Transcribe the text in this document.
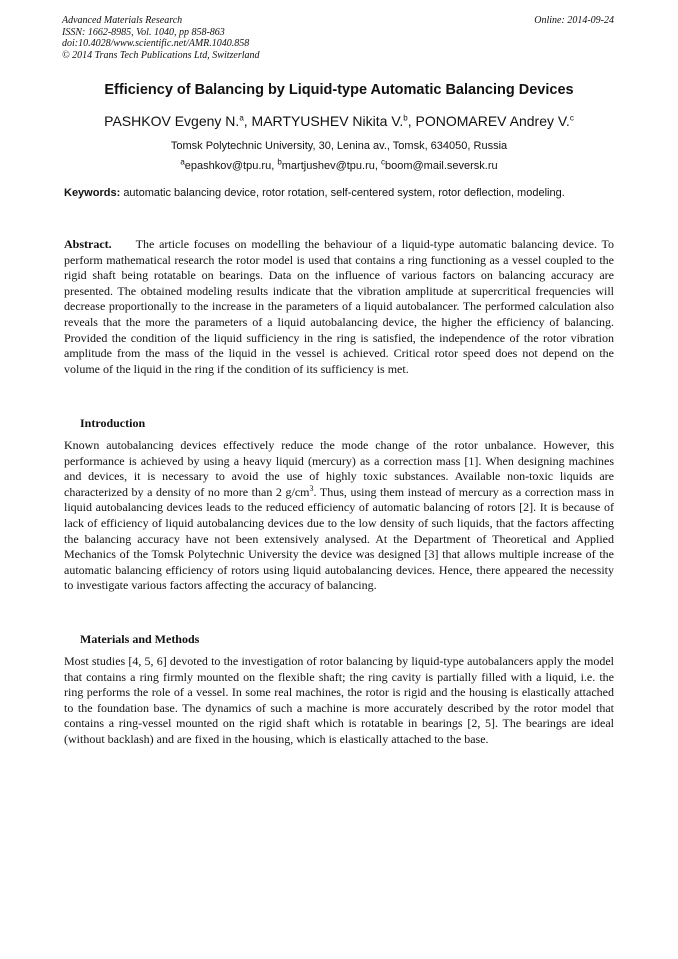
Advanced Materials Research
ISSN: 1662-8985, Vol. 1040, pp 858-863
doi:10.4028/www.scientific.net/AMR.1040.858
© 2014 Trans Tech Publications Ltd, Switzerland
Online: 2014-09-24
Efficiency of Balancing by Liquid-type Automatic Balancing Devices
PASHKOV Evgeny N.$^a$, MARTYUSHEV Nikita V.$^b$, PONOMAREV Andrey V.$^c$
Tomsk Polytechnic University, 30, Lenina av., Tomsk, 634050, Russia
$^a$epashkov@tpu.ru, $^b$martjushev@tpu.ru, $^c$boom@mail.seversk.ru
Keywords: automatic balancing device, rotor rotation, self-centered system, rotor deflection, modeling.

Abstract. The article focuses on modelling the behaviour of a liquid-type automatic balancing device. To perform mathematical research the rotor model is used that contains a ring functioning as a vessel coupled to the rigid shaft being rotatable on bearings. Data on the influence of various factors on balancing accuracy are presented. The obtained modeling results indicate that the vibration amplitude at supercritical frequencies will decrease proportionally to the increase in the parameters of a liquid autobalancer. The performed calculation also reveals that the more the parameters of a liquid autobalancing device, the higher the efficiency of balancing. Provided the condition of the liquid sufficiency in the ring is satisfied, the independence of the rotor vibration amplitude from the mass of the liquid in the vessel is achieved. Critical rotor speed does not depend on the volume of the liquid in the ring if the condition of its sufficiency is met.

Introduction

Known autobalancing devices effectively reduce the mode change of the rotor unbalance. However, this performance is achieved by using a heavy liquid (mercury) as a correction mass [1]. When designing machines and devices, it is necessary to avoid the use of highly toxic substances. Available non-toxic liquids are characterized by a density of no more than 2 $g/cm^3$. Thus, using them instead of mercury as a correction mass in liquid autobalancing devices leads to the reduced efficiency of automatic balancing of rotors [2]. It is because of lack of efficiency of liquid autobalancing devices due to the low density of such liquids, that the factors affecting the balancing accuracy have not been extensively analysed. At the Department of Theoretical and Applied Mechanics of the Tomsk Polytechnic University the device was designed [3] that allows multiple increase of the automatic balancing efficiency of rotors using liquid autobalancing devices. Hence, there appeared the necessity to investigate various factors affecting the accuracy of balancing.

Materials and Methods

Most studies [4, 5, 6] devoted to the investigation of rotor balancing by liquid-type autobalancers apply the model that contains a ring firmly mounted on the flexible shaft; the ring cavity is partially filled with a liquid, i.e. the ring performs the role of a vessel. In some real machines, the rotor is rigid and the housing is elastically attached to the foundation base. The dynamics of such a machine is more accurately described by the rotor model that contains a ring-vessel mounted on the rigid shaft which is rotatable in bearings [2, 5]. The bearings are ideal (without backlash) and are fixed in the housing, which is elastically attached to the base.
